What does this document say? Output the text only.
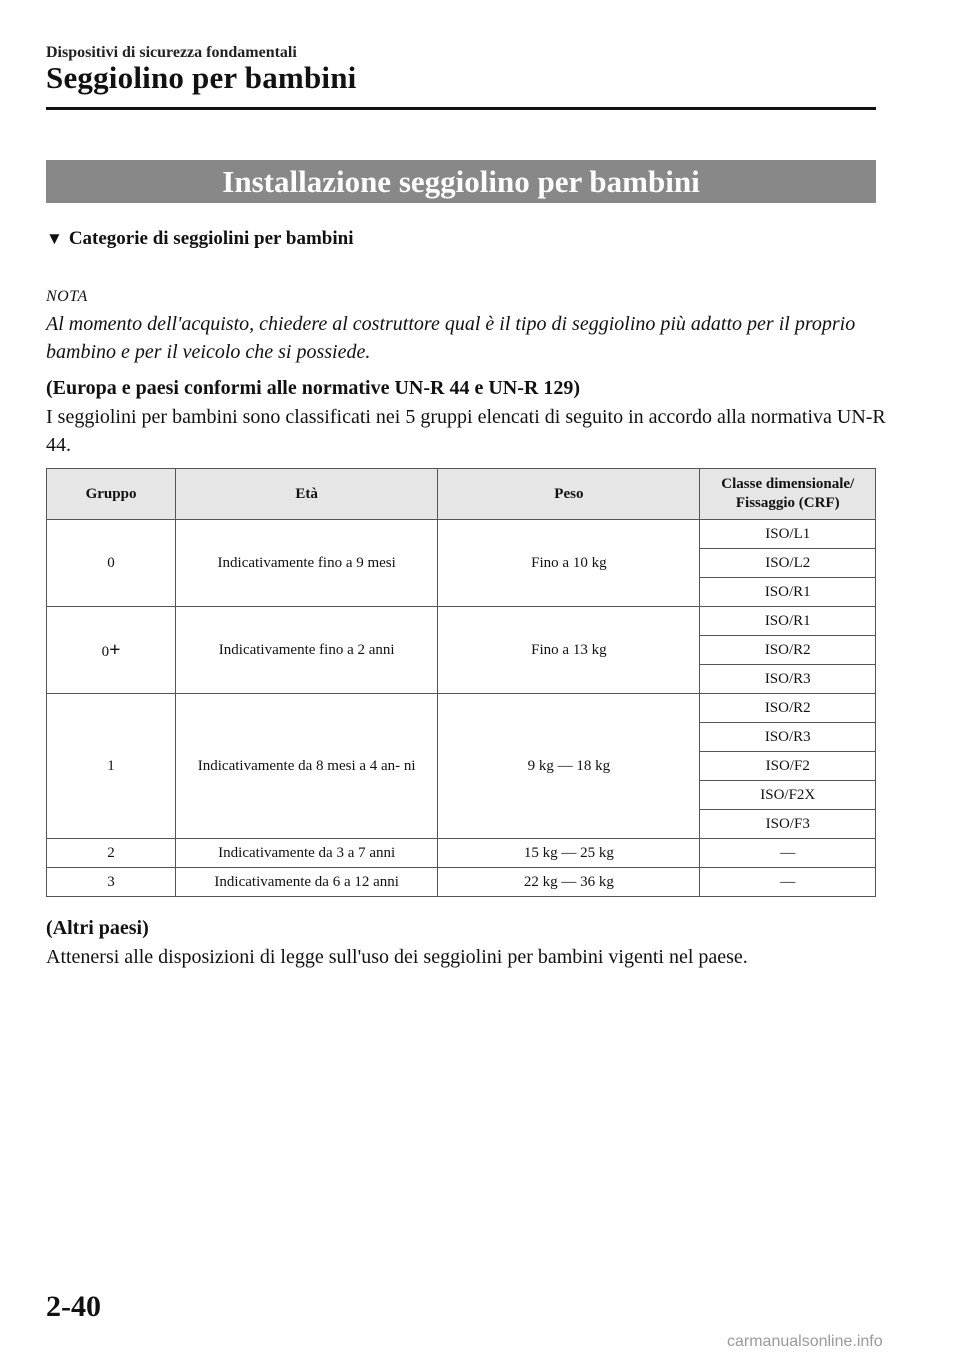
Dispositivi di sicurezza fondamentali
Seggiolino per bambini
Installazione seggiolino per bambini
▼ Categorie di seggiolini per bambini
NOTA
Al momento dell'acquisto, chiedere al costruttore qual è il tipo di seggiolino più adatto per il proprio bambino e per il veicolo che si possiede.
(Europa e paesi conformi alle normative UN-R 44 e UN-R 129)
I seggiolini per bambini sono classificati nei 5 gruppi elencati di seguito in accordo alla normativa UN-R 44.
Gruppo	Età	Peso	Classe dimensionale/ Fissaggio (CRF)
0	Indicativamente fino a 9 mesi	Fino a 10 kg	ISO/L1
			ISO/L2
			ISO/R1
0+	Indicativamente fino a 2 anni	Fino a 13 kg	ISO/R1
			ISO/R2
			ISO/R3
1	Indicativamente da 8 mesi a 4 an- ni	9 kg ― 18 kg	ISO/R2
			ISO/R3
			ISO/F2
			ISO/F2X
			ISO/F3
2	Indicativamente da 3 a 7 anni	15 kg ― 25 kg	―
3	Indicativamente da 6 a 12 anni	22 kg ― 36 kg	―
(Altri paesi)
Attenersi alle disposizioni di legge sull'uso dei seggiolini per bambini vigenti nel paese.
2-40
carmanualsonline.info
